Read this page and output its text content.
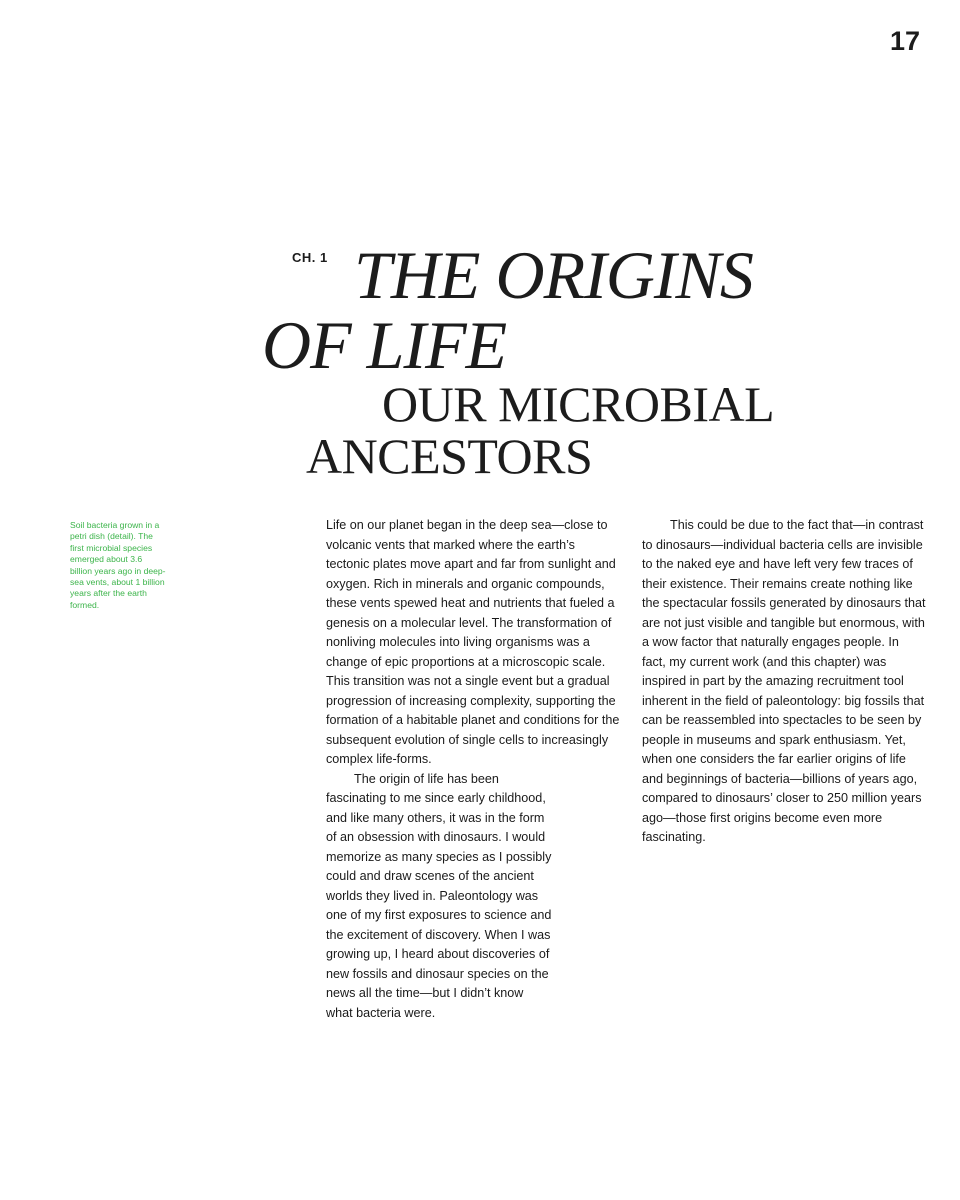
17
CH. 1 THE ORIGINS
OF LIFE
OUR MICROBIAL
ANCESTORS

Soil bacteria grown in a petri dish (detail). The first microbial species emerged about 3.6 billion years ago in deep-sea vents, about 1 billion years after the earth formed.

Life on our planet began in the deep sea—close to volcanic vents that marked where the earth’s tectonic plates move apart and far from sunlight and oxygen. Rich in minerals and organic compounds, these vents spewed heat and nutrients that fueled a genesis on a molecular level. The transformation of nonliving molecules into living organisms was a change of epic proportions at a microscopic scale. This transition was not a single event but a gradual progression of increasing complexity, supporting the formation of a habitable planet and conditions for the subsequent evolution of single cells to increasingly complex life-forms.

The origin of life has been fascinating to me since early childhood, and like many others, it was in the form of an obsession with dinosaurs. I would memorize as many species as I possibly could and draw scenes of the ancient worlds they lived in. Paleontology was one of my first exposures to science and the excitement of discovery. When I was growing up, I heard about discoveries of new fossils and dinosaur species on the news all the time—but I didn’t know what bacteria were.

This could be due to the fact that—in contrast to dinosaurs—individual bacteria cells are invisible to the naked eye and have left very few traces of their existence. Their remains create nothing like the spectacular fossils generated by dinosaurs that are not just visible and tangible but enormous, with a wow factor that naturally engages people. In fact, my current work (and this chapter) was inspired in part by the amazing recruitment tool inherent in the field of paleontology: big fossils that can be reassembled into spectacles to be seen by people in museums and spark enthusiasm. Yet, when one considers the far earlier origins of life and beginnings of bacteria—billions of years ago, compared to dinosaurs’ closer to 250 million years ago—those first origins become even more fascinating.
